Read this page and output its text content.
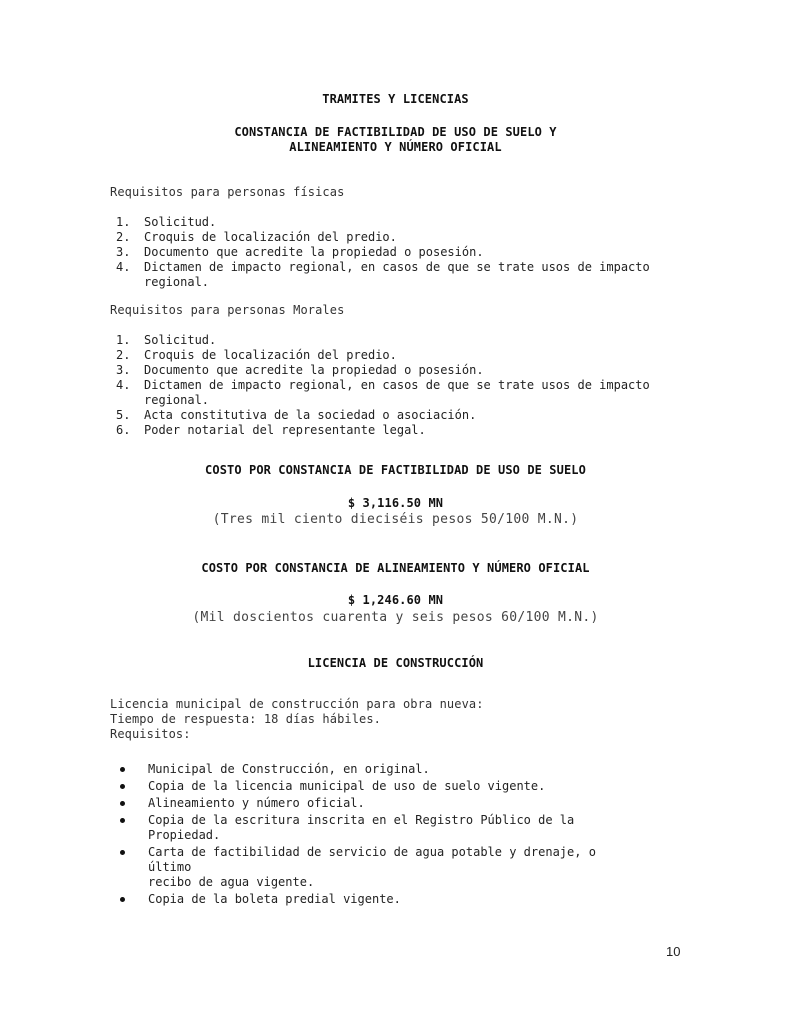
TRAMITES Y LICENCIAS
CONSTANCIA DE FACTIBILIDAD DE USO DE SUELO Y
ALINEAMIENTO Y NÚMERO OFICIAL
Requisitos para personas físicas
1. Solicitud.
2. Croquis de localización del predio.
3. Documento que acredite la propiedad o posesión.
4. Dictamen de impacto regional, en casos de que se trate usos de impacto regional.
Requisitos para personas Morales
1. Solicitud.
2. Croquis de localización del predio.
3. Documento que acredite la propiedad o posesión.
4. Dictamen de impacto regional, en casos de que se trate usos de impacto regional.
5. Acta constitutiva de la sociedad o asociación.
6. Poder notarial del representante legal.
COSTO POR CONSTANCIA DE FACTIBILIDAD DE USO DE SUELO
$ 3,116.50 MN
(Tres mil ciento dieciséis pesos 50/100 M.N.)
COSTO POR CONSTANCIA DE ALINEAMIENTO Y NÚMERO OFICIAL
$ 1,246.60 MN
(Mil doscientos cuarenta y seis pesos 60/100 M.N.)
LICENCIA DE CONSTRUCCIÓN
Licencia municipal de construcción para obra nueva:
Tiempo de respuesta: 18 días hábiles.
Requisitos:
Municipal de Construcción, en original.
Copia de la licencia municipal de uso de suelo vigente.
Alineamiento y número oficial.
Copia de la escritura inscrita en el Registro Público de la Propiedad.
Carta de factibilidad de servicio de agua potable y drenaje, o último
recibo de agua vigente.
Copia de la boleta predial vigente.
10
